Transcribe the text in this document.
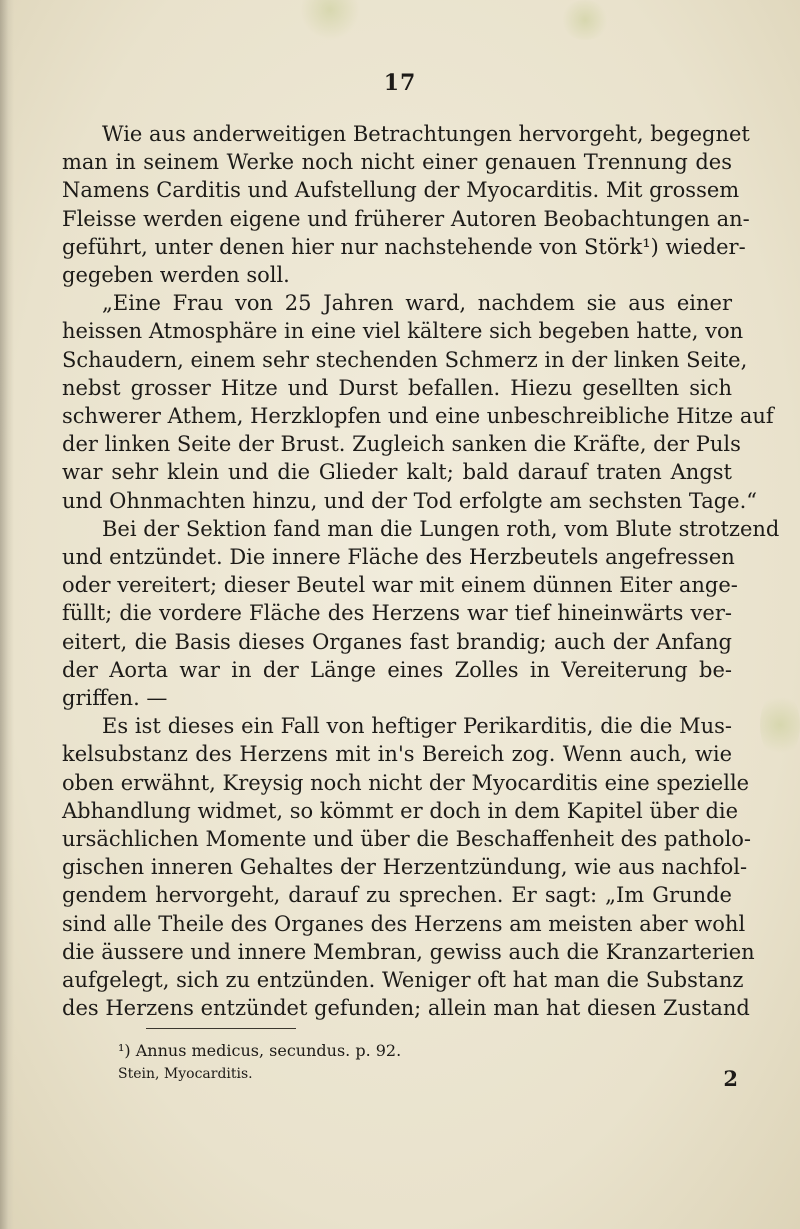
17
Wie aus anderweitigen Betrachtungen hervorgeht, begegnet
man in seinem Werke noch nicht einer genauen Trennung des
Namens Carditis und Aufstellung der Myocarditis. Mit grossem
Fleisse werden eigene und früherer Autoren Beobachtungen an-
geführt, unter denen hier nur nachstehende von Störk¹) wieder-
gegeben werden soll.
„Eine Frau von 25 Jahren ward, nachdem sie aus einer
heissen Atmosphäre in eine viel kältere sich begeben hatte, von
Schaudern, einem sehr stechenden Schmerz in der linken Seite,
nebst grosser Hitze und Durst befallen. Hiezu gesellten sich
schwerer Athem, Herzklopfen und eine unbeschreibliche Hitze auf
der linken Seite der Brust. Zugleich sanken die Kräfte, der Puls
war sehr klein und die Glieder kalt; bald darauf traten Angst
und Ohnmachten hinzu, und der Tod erfolgte am sechsten Tage.“
Bei der Sektion fand man die Lungen roth, vom Blute strotzend
und entzündet. Die innere Fläche des Herzbeutels angefressen
oder vereitert; dieser Beutel war mit einem dünnen Eiter ange-
füllt; die vordere Fläche des Herzens war tief hineinwärts ver-
eitert, die Basis dieses Organes fast brandig; auch der Anfang
der Aorta war in der Länge eines Zolles in Vereiterung be-
griffen. —
Es ist dieses ein Fall von heftiger Perikarditis, die die Mus-
kelsubstanz des Herzens mit in's Bereich zog. Wenn auch, wie
oben erwähnt, Kreysig noch nicht der Myocarditis eine spezielle
Abhandlung widmet, so kömmt er doch in dem Kapitel über die
ursächlichen Momente und über die Beschaffenheit des patholo-
gischen inneren Gehaltes der Herzentzündung, wie aus nachfol-
gendem hervorgeht, darauf zu sprechen. Er sagt: „Im Grunde
sind alle Theile des Organes des Herzens am meisten aber wohl
die äussere und innere Membran, gewiss auch die Kranzarterien
aufgelegt, sich zu entzünden. Weniger oft hat man die Substanz
des Herzens entzündet gefunden; allein man hat diesen Zustand
¹) Annus medicus, secundus. p. 92.
Stein, Myocarditis.	2
